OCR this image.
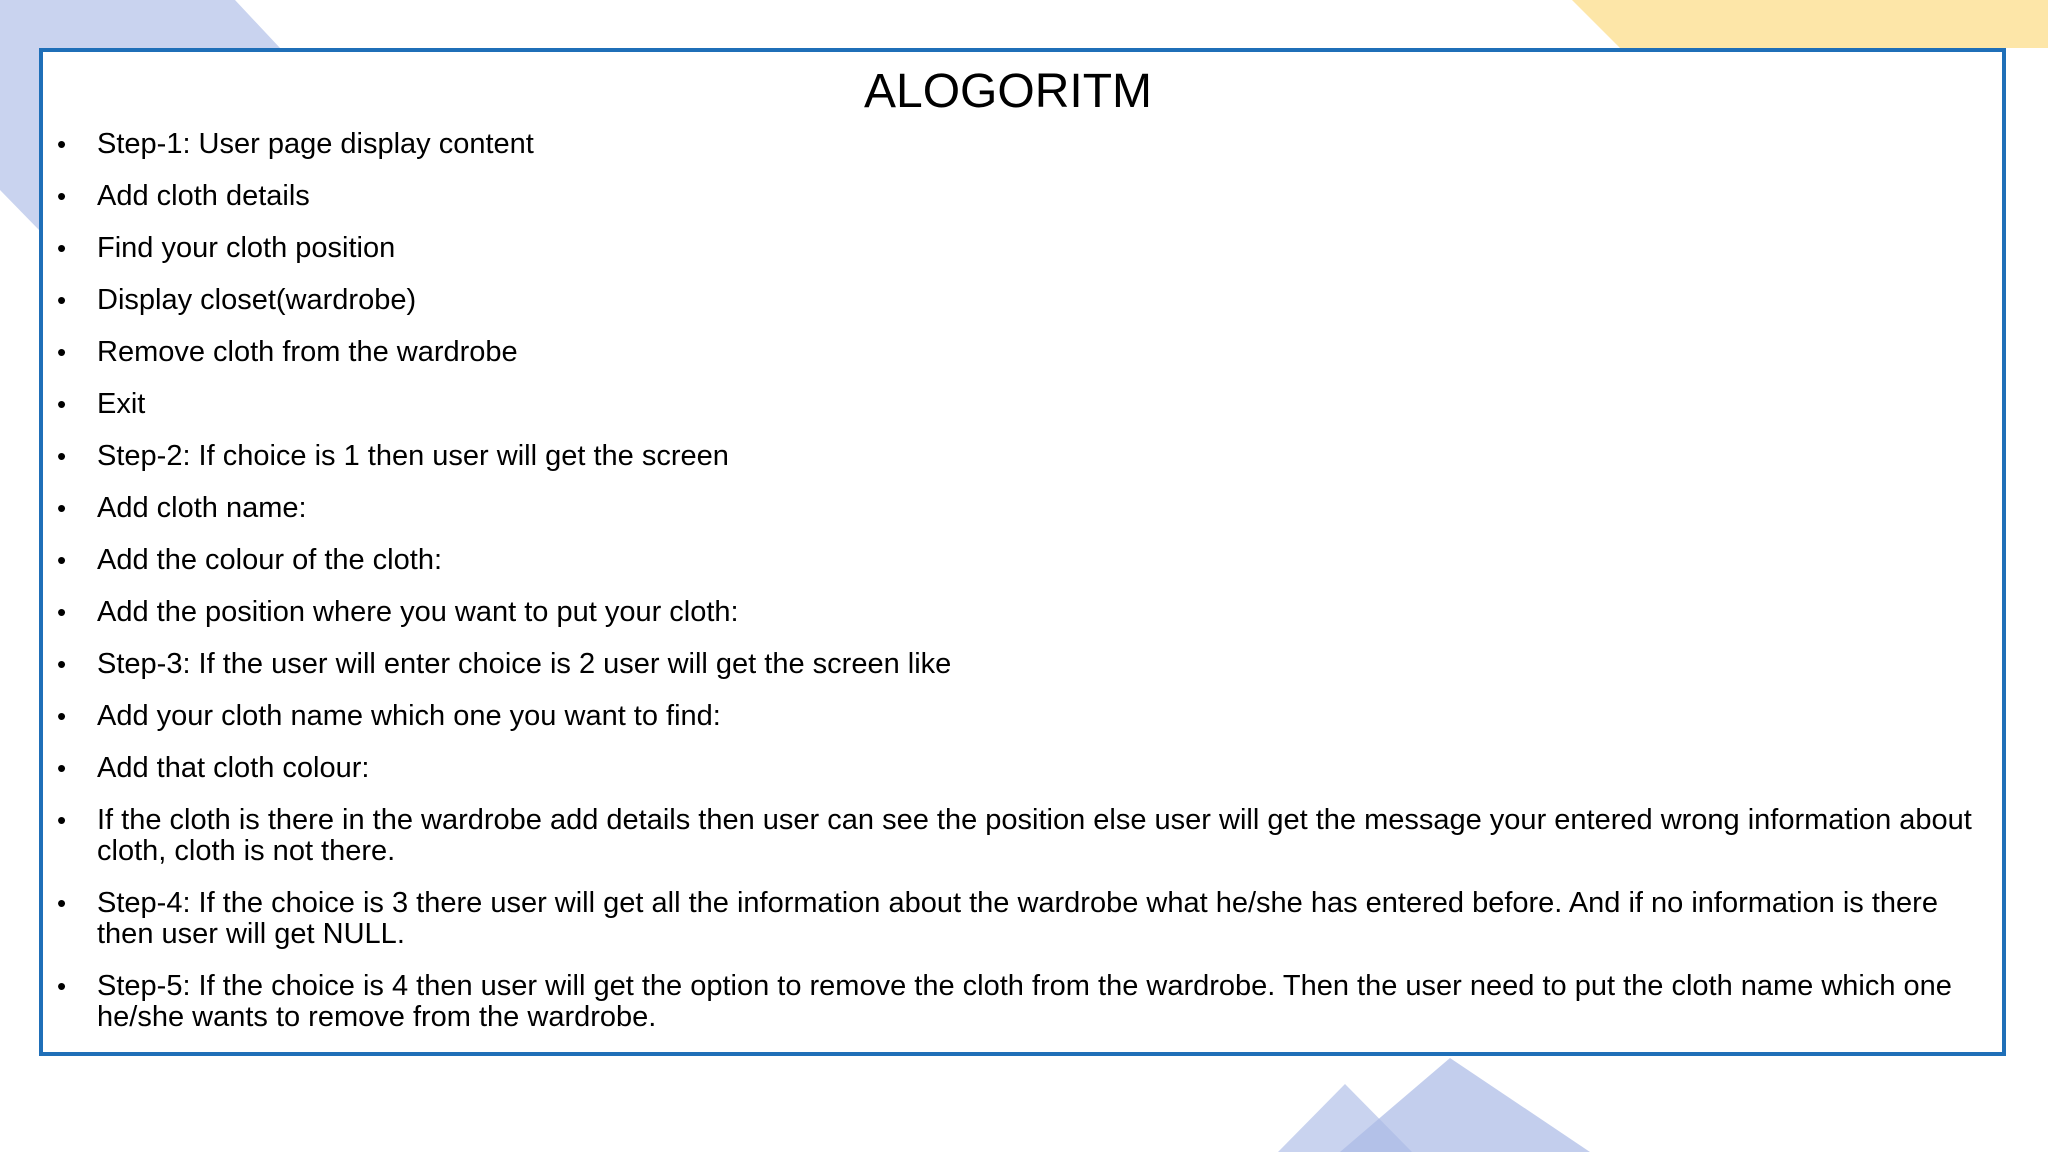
ALOGORITM
• Step-1: User page display content
• Add cloth details
• Find your cloth position
• Display closet(wardrobe)
• Remove cloth from the wardrobe
• Exit
• Step-2: If choice is 1 then user will get the screen
• Add cloth name:
• Add the colour of the cloth:
• Add the position where you want to put your cloth:
• Step-3: If the user will enter choice is 2 user will get the screen like
• Add your cloth name which one you want to find:
• Add that cloth colour:
• If the cloth is there in the wardrobe add details then user can see the position else user will get the message your entered wrong information about cloth, cloth is not there.
• Step-4: If the choice is 3 there user will get all the information about the wardrobe what he/she has entered before. And if no information is there then user will get NULL.
• Step-5: If the choice is 4 then user will get the option to remove the cloth from the wardrobe. Then the user need to put the cloth name which one he/she wants to remove from the wardrobe.
